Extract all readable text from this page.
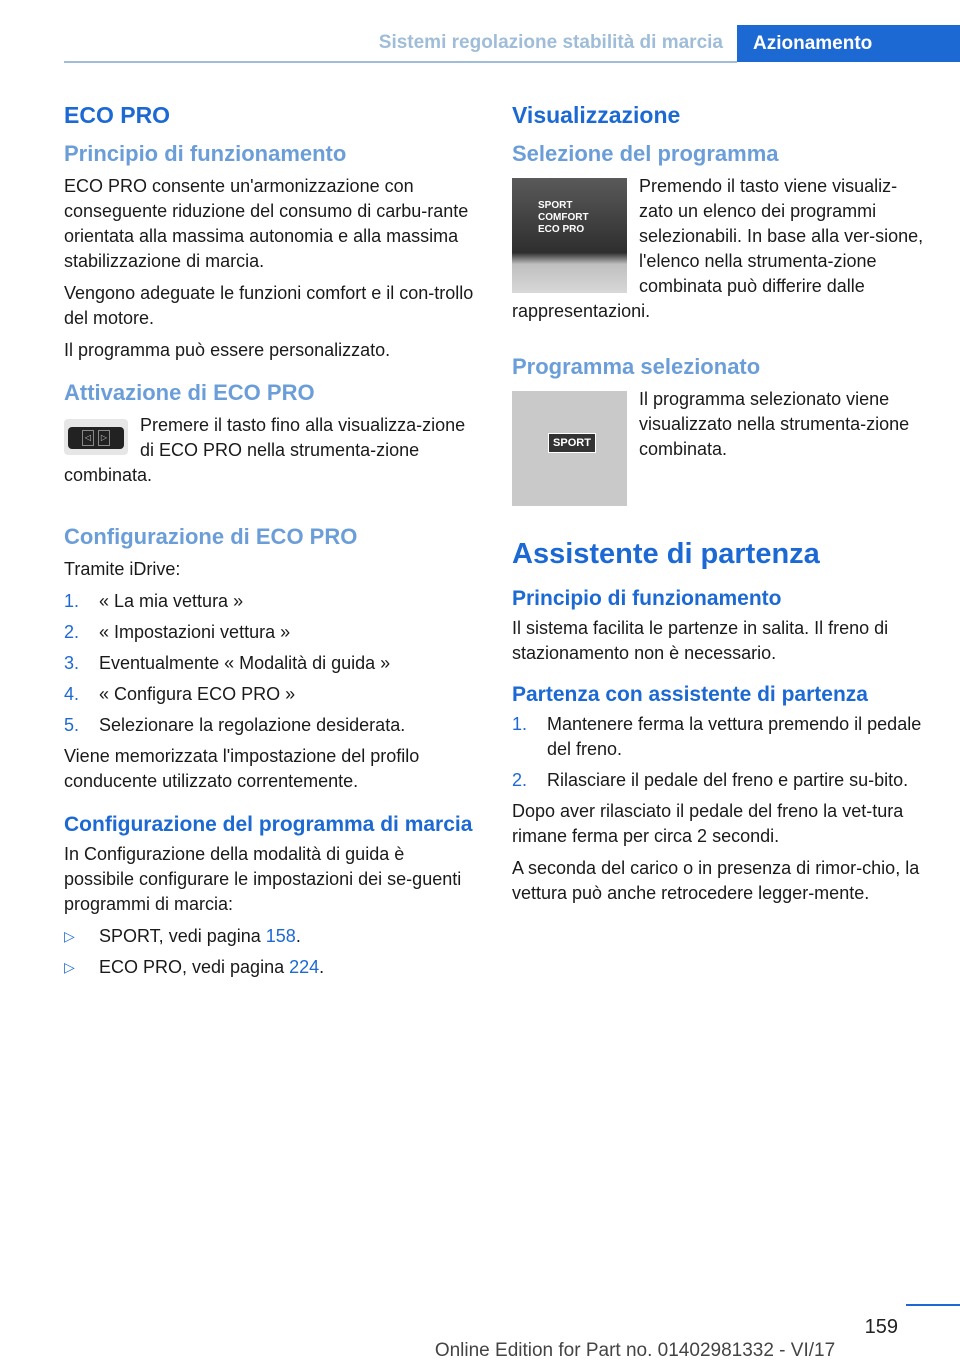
Sistemi regolazione stabilità di marcia	Azionamento
ECO PRO
Principio di funzionamento

ECO PRO consente un'armonizzazione con conseguente riduzione del consumo di carbu-rante orientata alla massima autonomia e alla massima stabilizzazione di marcia.

Vengono adeguate le funzioni comfort e il con-trollo del motore.

Il programma può essere personalizzato.

Attivazione di ECO PRO
◁	▷

Premere il tasto fino alla visualizza-zione di ECO PRO nella strumenta-zione combinata.

Configurazione di ECO PRO

Tramite iDrive:

1. « La mia vettura »
2. « Impostazioni vettura »
3. Eventualmente « Modalità di guida »
4. « Configura ECO PRO »
5. Selezionare la regolazione desiderata.

Viene memorizzata l'impostazione del profilo conducente utilizzato correntemente.

Configurazione del programma di marcia

In Configurazione della modalità di guida è possibile configurare le impostazioni dei se-guenti programmi di marcia:

▷ SPORT, vedi pagina 158.
▷ ECO PRO, vedi pagina 224.
Visualizzazione
Selezione del programma
SPORT
COMFORT
ECO PRO

Premendo il tasto viene visualiz-zato un elenco dei programmi selezionabili. In base alla ver-sione, l'elenco nella strumenta-zione combinata può differire dalle rappresentazioni.

Programma selezionato
SPORT

Il programma selezionato viene visualizzato nella strumenta-zione combinata.

Assistente di partenza
Principio di funzionamento

Il sistema facilita le partenze in salita. Il freno di stazionamento non è necessario.

Partenza con assistente di partenza
1. Mantenere ferma la vettura premendo il pedale del freno.
2. Rilasciare il pedale del freno e partire su-bito.

Dopo aver rilasciato il pedale del freno la vet-tura rimane ferma per circa 2 secondi.

A seconda del carico o in presenza di rimor-chio, la vettura può anche retrocedere legger-mente.

159
Online Edition for Part no. 01402981332 - VI/17
